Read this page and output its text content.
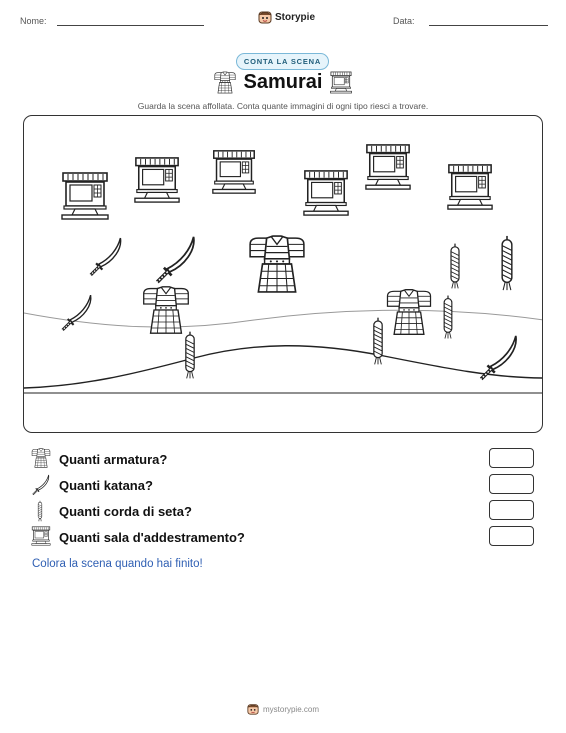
Nome:	Storypie	Data:
CONTA LA SCENA
Samurai
Guarda la scena affollata. Conta quante immagini di ogni tipo riesci a trovare.
Quanti armatura?
Quanti katana?
Quanti corda di seta?
Quanti sala d'addestramento?
Colora la scena quando hai finito!
mystorypie.com
